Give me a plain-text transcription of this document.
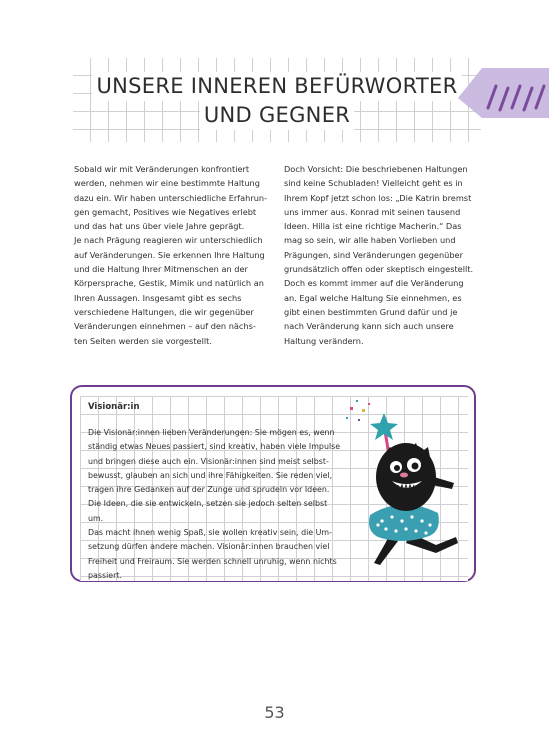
UNSERE INNEREN BEFÜRWORTER
UND GEGNER

Sobald wir mit Veränderungen konfrontiert

werden, nehmen wir eine bestimmte Haltung

dazu ein. Wir haben unterschiedliche Erfahrun-

gen gemacht, Positives wie Negatives erlebt

und das hat uns über viele Jahre geprägt.

Je nach Prägung reagieren wir unterschiedlich

auf Veränderungen. Sie erkennen Ihre Haltung

und die Haltung Ihrer Mitmenschen an der

Körpersprache, Gestik, Mimik und natürlich an

Ihren Aussagen. Insgesamt gibt es sechs

verschiedene Haltungen, die wir gegenüber

Veränderungen einnehmen – auf den nächs-

ten Seiten werden sie vorgestellt.

Doch Vorsicht: Die beschriebenen Haltungen

sind keine Schubladen! Vielleicht geht es in

Ihrem Kopf jetzt schon los: „Die Katrin bremst

uns immer aus. Konrad mit seinen tausend

Ideen. Hilla ist eine richtige Macherin.“ Das

mag so sein, wir alle haben Vorlieben und

Prägungen, sind Veränderungen gegenüber

grundsätzlich offen oder skeptisch eingestellt.

Doch es kommt immer auf die Veränderung

an. Egal welche Haltung Sie einnehmen, es

gibt einen bestimmten Grund dafür und je

nach Veränderung kann sich auch unsere

Haltung verändern.

Visionär:in

Die Visionär:innen lieben Veränderungen: Sie mögen es, wenn

ständig etwas Neues passiert, sind kreativ, haben viele Impulse

und bringen diese auch ein. Visionär:innen sind meist selbst-

bewusst, glauben an sich und ihre Fähigkeiten. Sie reden viel,

tragen ihre Gedanken auf der Zunge und sprudeln vor Ideen.

Die Ideen, die sie entwickeln, setzen sie jedoch selten selbst um.

Das macht ihnen wenig Spaß, sie wollen kreativ sein, die Um-

setzung dürfen andere machen. Visionär:innen brauchen viel

Freiheit und Freiraum. Sie werden schnell unruhig, wenn nichts

passiert.

53
